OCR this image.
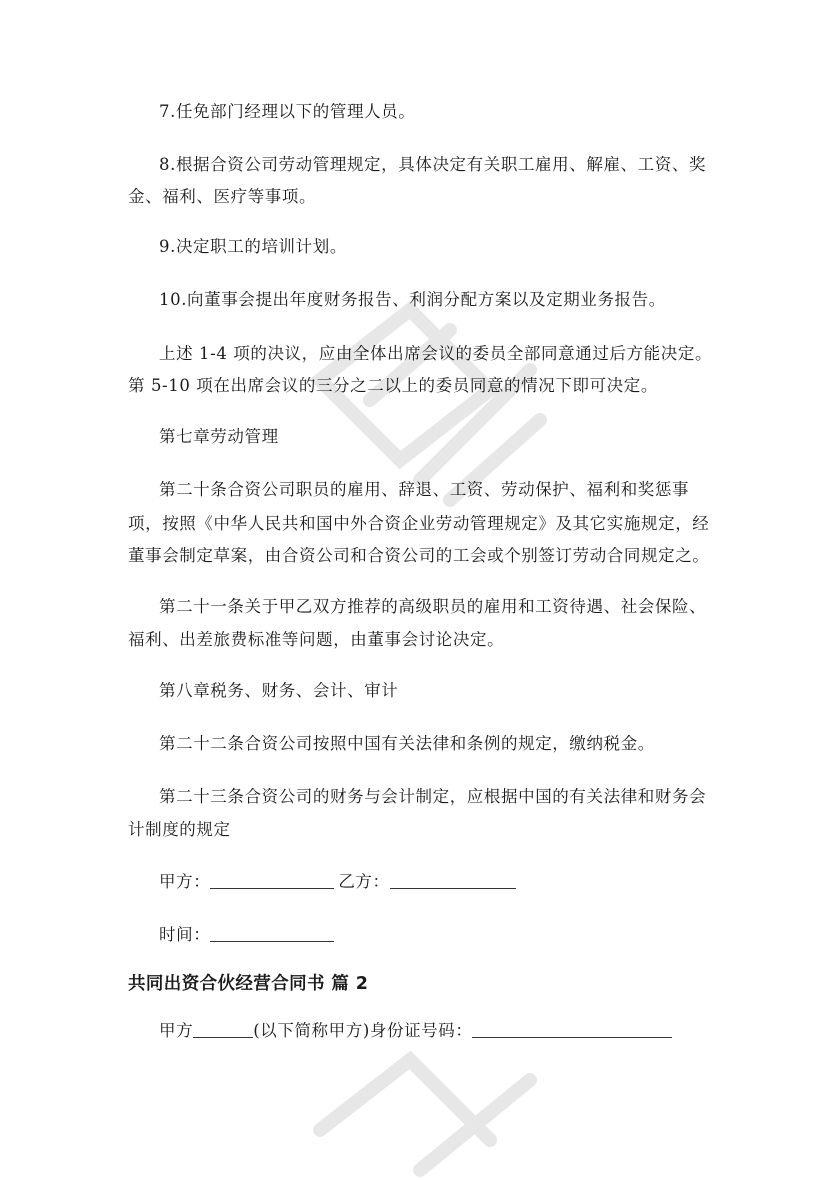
7.任免部门经理以下的管理人员。
8.根据合资公司劳动管理规定，具体决定有关职工雇用、解雇、工资、奖
金、福利、医疗等事项。
9.决定职工的培训计划。
10.向董事会提出年度财务报告、利润分配方案以及定期业务报告。
上述 1-4 项的决议，应由全体出席会议的委员全部同意通过后方能决定。
第 5-10 项在出席会议的三分之二以上的委员同意的情况下即可决定。
第七章劳动管理
第二十条合资公司职员的雇用、辞退、工资、劳动保护、福利和奖惩事
项，按照《中华人民共和国中外合资企业劳动管理规定》及其它实施规定，经
董事会制定草案，由合资公司和合资公司的工会或个别签订劳动合同规定之。
第二十一条关于甲乙双方推荐的高级职员的雇用和工资待遇、社会保险、
福利、出差旅费标准等问题，由董事会讨论决定。
第八章税务、财务、会计、审计
第二十二条合资公司按照中国有关法律和条例的规定，缴纳税金。
第二十三条合资公司的财务与会计制定，应根据中国的有关法律和财务会
计制度的规定
甲方：	乙方：
时间：
共同出资合伙经营合同书 篇 2
甲方	(以下简称甲方)身份证号码：
